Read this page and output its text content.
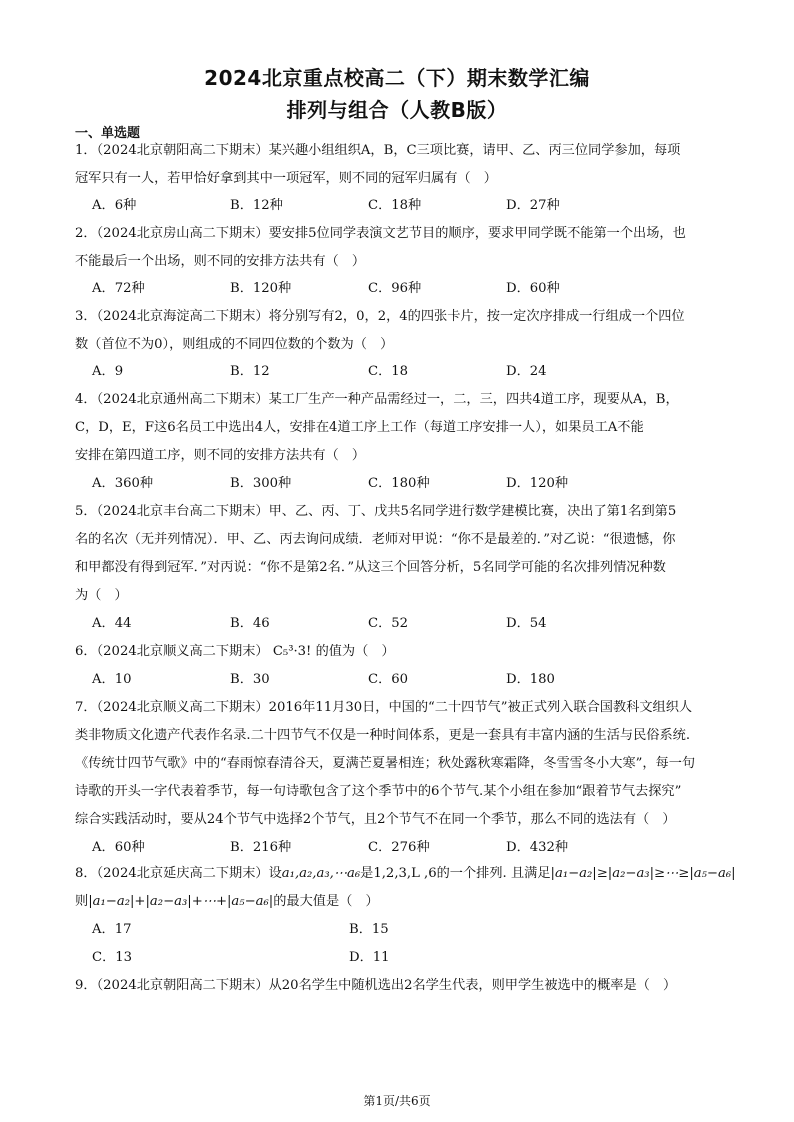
2024北京重点校高二（下）期末数学汇编
排列与组合（人教B版）
一、单选题
1．（2024北京朝阳高二下期末）某兴趣小组组织A，B，C三项比赛，请甲、乙、丙三位同学参加，每项
冠军只有一人，若甲恰好拿到其中一项冠军，则不同的冠军归属有（　）
A．6种	B．12种	C．18种	D．27种
2．（2024北京房山高二下期末）要安排5位同学表演文艺节目的顺序，要求甲同学既不能第一个出场，也
不能最后一个出场，则不同的安排方法共有（　）
A．72种	B．120种	C．96种	D．60种
3．（2024北京海淀高二下期末）将分别写有2，0，2，4的四张卡片，按一定次序排成一行组成一个四位
数（首位不为0），则组成的不同四位数的个数为（　）
A．9	B．12	C．18	D．24
4．（2024北京通州高二下期末）某工厂生产一种产品需经过一，二，三，四共4道工序，现要从A，B，
C，D，E，F这6名员工中选出4人，安排在4道工序上工作（每道工序安排一人），如果员工A不能
安排在第四道工序，则不同的安排方法共有（　）
A．360种	B．300种	C．180种	D．120种
5．（2024北京丰台高二下期末）甲、乙、丙、丁、戊共5名同学进行数学建模比赛，决出了第1名到第5
名的名次（无并列情况）．甲、乙、丙去询问成绩．老师对甲说：“你不是最差的．”对乙说：“很遗憾，你
和甲都没有得到冠军．”对丙说：“你不是第2名．”从这三个回答分析，5名同学可能的名次排列情况种数
为（　）
A．44	B．46	C．52	D．54
6．（2024北京顺义高二下期末） C₅³·3! 的值为（　）
A．10	B．30	C．60	D．180
7．（2024北京顺义高二下期末）2016年11月30日，中国的“二十四节气”被正式列入联合国教科文组织人
类非物质文化遗产代表作名录.二十四节气不仅是一种时间体系，更是一套具有丰富内涵的生活与民俗系统.
《传统廿四节气歌》中的“春雨惊春清谷天，夏满芒夏暑相连；秋处露秋寒霜降，冬雪雪冬小大寒”，每一句
诗歌的开头一字代表着季节，每一句诗歌包含了这个季节中的6个节气.某个小组在参加“跟着节气去探究”
综合实践活动时，要从24个节气中选择2个节气，且2个节气不在同一个季节，那么不同的选法有（　）
A．60种	B．216种	C．276种	D．432种
8．（2024北京延庆高二下期末）设a₁,a₂,a₃,⋯a₆是1,2,3,L ,6的一个排列. 且满足|a₁−a₂|≥|a₂−a₃|≥⋯≥|a₅−a₆|
则|a₁−a₂|+|a₂−a₃|+⋯+|a₅−a₆|的最大值是（　）
A．17	B．15
C．13	D．11
9．（2024北京朝阳高二下期末）从20名学生中随机选出2名学生代表，则甲学生被选中的概率是（　）
第1页/共6页
